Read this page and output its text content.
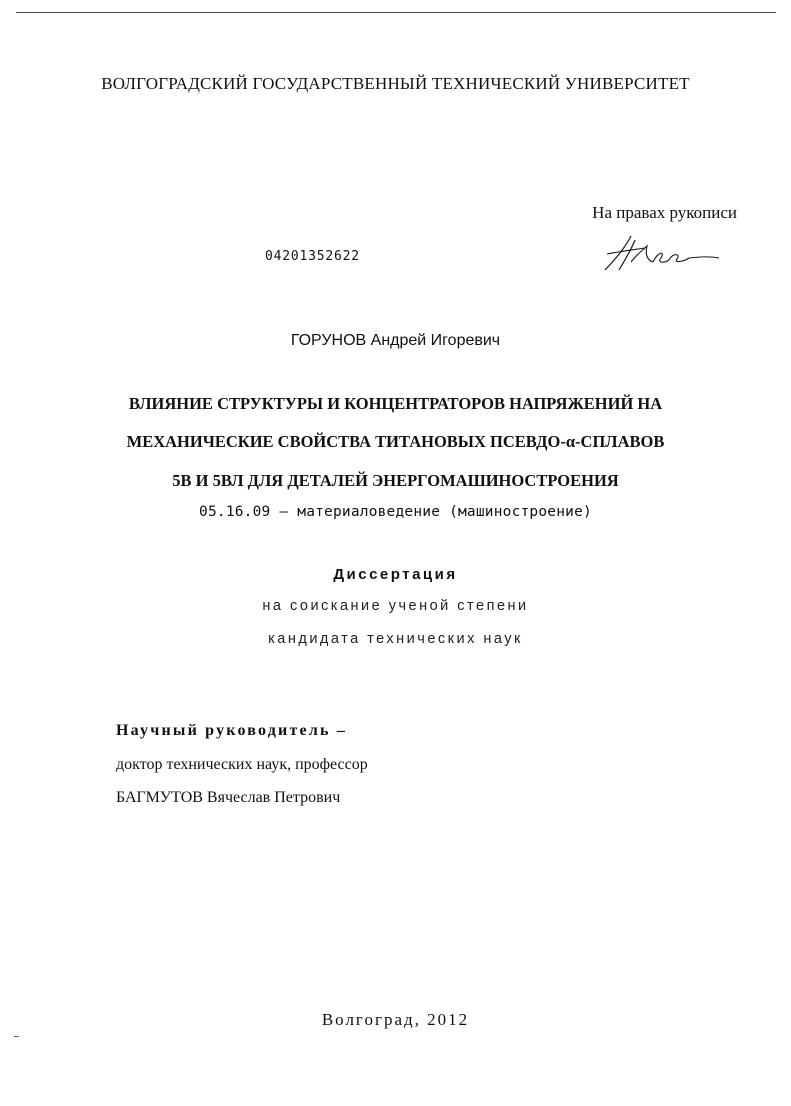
ВОЛГОГРАДСКИЙ ГОСУДАРСТВЕННЫЙ ТЕХНИЧЕСКИЙ УНИВЕРСИТЕТ
На правах рукописи
04201352622
ГОРУНОВ Андрей Игоревич
ВЛИЯНИЕ СТРУКТУРЫ И КОНЦЕНТРАТОРОВ НАПРЯЖЕНИЙ НА
МЕХАНИЧЕСКИЕ СВОЙСТВА ТИТАНОВЫХ ПСЕВДО-α-СПЛАВОВ
5В И 5ВЛ ДЛЯ ДЕТАЛЕЙ ЭНЕРГОМАШИНОСТРОЕНИЯ
05.16.09 – материаловедение (машиностроение)
Диссертация
на соискание ученой степени
кандидата технических наук
Научный руководитель –
доктор технических наук, профессор
БАГМУТОВ Вячеслав Петрович
Волгоград, 2012
